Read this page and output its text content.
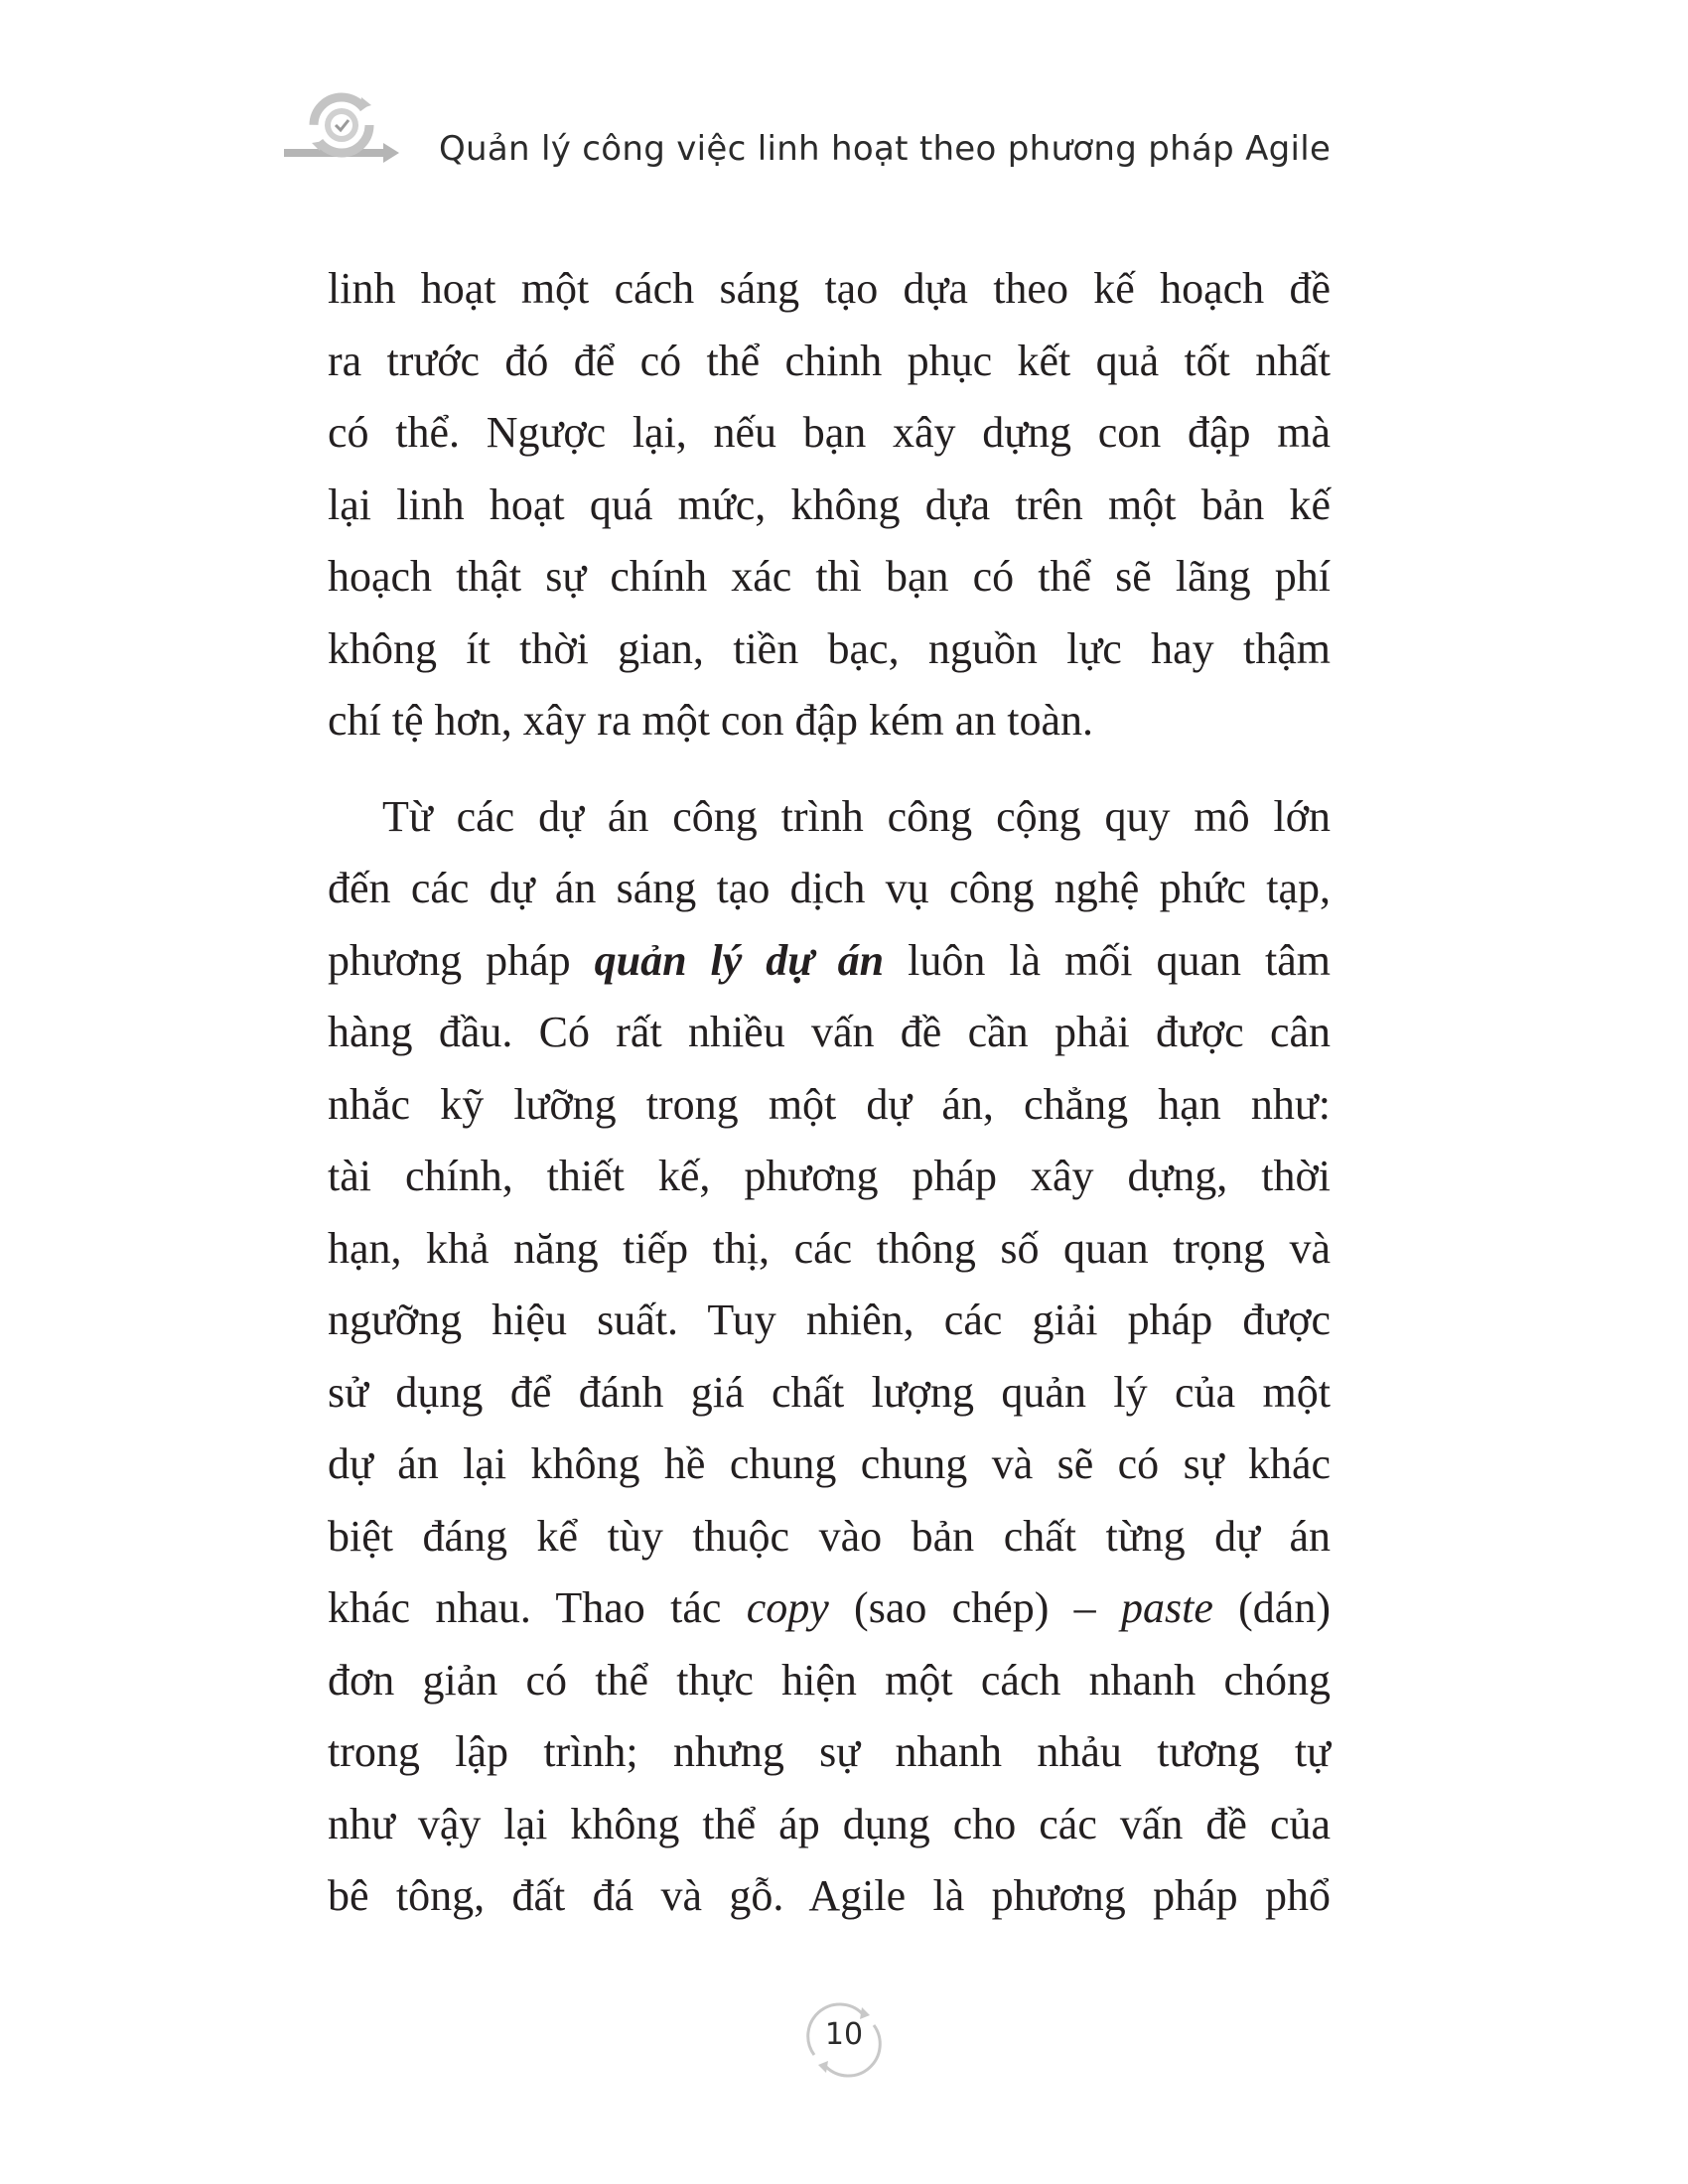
Quản lý công việc linh hoạt theo phương pháp Agile

linh hoạt một cách sáng tạo dựa theo kế hoạch đề
ra trước đó để có thể chinh phục kết quả tốt nhất
có thể. Ngược lại, nếu bạn xây dựng con đập mà
lại linh hoạt quá mức, không dựa trên một bản kế
hoạch thật sự chính xác thì bạn có thể sẽ lãng phí
không ít thời gian, tiền bạc, nguồn lực hay thậm
chí tệ hơn, xây ra một con đập kém an toàn.

Từ các dự án công trình công cộng quy mô lớn
đến các dự án sáng tạo dịch vụ công nghệ phức tạp,
phương pháp quản lý dự án luôn là mối quan tâm
hàng đầu. Có rất nhiều vấn đề cần phải được cân
nhắc kỹ lưỡng trong một dự án, chẳng hạn như:
tài chính, thiết kế, phương pháp xây dựng, thời
hạn, khả năng tiếp thị, các thông số quan trọng và
ngưỡng hiệu suất. Tuy nhiên, các giải pháp được
sử dụng để đánh giá chất lượng quản lý của một
dự án lại không hề chung chung và sẽ có sự khác
biệt đáng kể tùy thuộc vào bản chất từng dự án
khác nhau. Thao tác copy (sao chép) – paste (dán)
đơn giản có thể thực hiện một cách nhanh chóng
trong lập trình; nhưng sự nhanh nhảu tương tự
như vậy lại không thể áp dụng cho các vấn đề của
bê tông, đất đá và gỗ. Agile là phương pháp phổ

10
